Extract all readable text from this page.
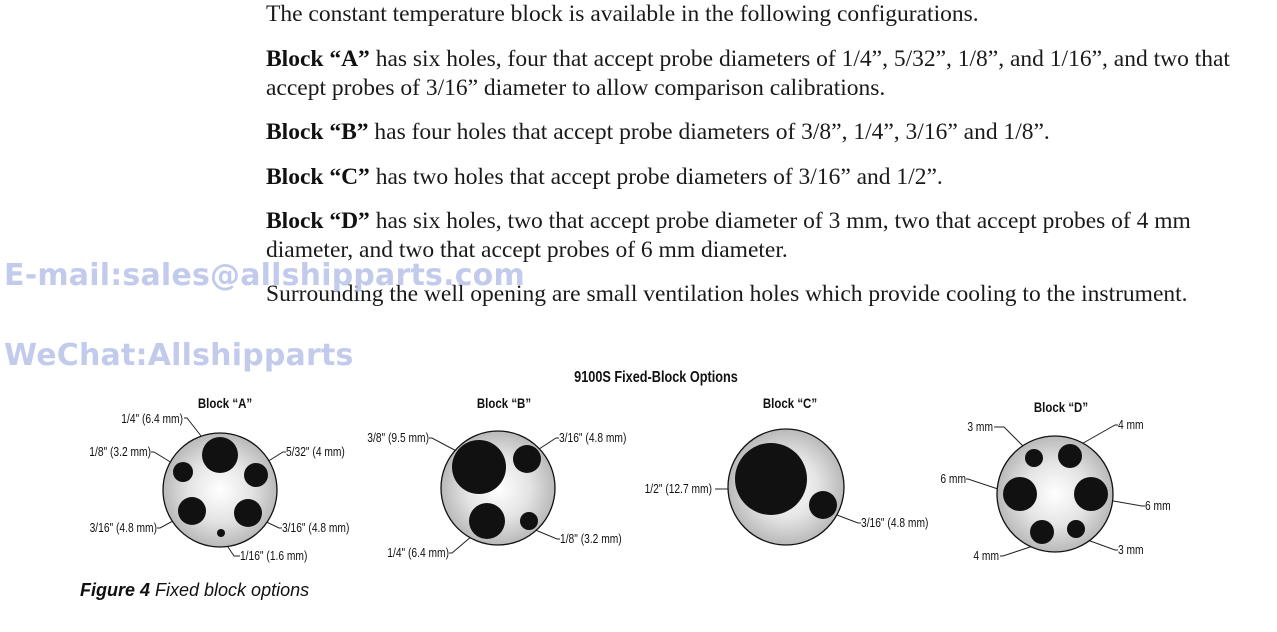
The constant temperature block is available in the following configurations.

Block “A” has six holes, four that accept probe diameters of 1/4”, 5/32”, 1/8”, and 1/16”, and two that accept probes of 3/16” diameter to allow comparison calibrations.

Block “B” has four holes that accept probe diameters of 3/8”, 1/4”, 3/16” and 1/8”.

Block “C” has two holes that accept probe diameters of 3/16” and 1/2”.

Block “D” has six holes, two that accept probe diameter of 3 mm, two that accept probes of 4 mm diameter, and two that accept probes of 6 mm diameter.

Surrounding the well opening are small ventilation holes which provide cooling to the instrument.

E-mail:sales@allshipparts.com
WeChat:Allshipparts
9100S Fixed-Block Options
Block “A”
1/4" (6.4 mm)
1/8" (3.2 mm)	5/32" (4 mm)
3/16" (4.8 mm)	3/16" (4.8 mm)
1/16" (1.6 mm)
Block “B”
3/8" (9.5 mm)	3/16" (4.8 mm)
1/4" (6.4 mm)
1/8" (3.2 mm)
Block “C”
1/2" (12.7 mm)
3/16" (4.8 mm)
Block “D”
3 mm	4 mm
6 mm
6 mm
4 mm	3 mm
Figure 4 Fixed block options
